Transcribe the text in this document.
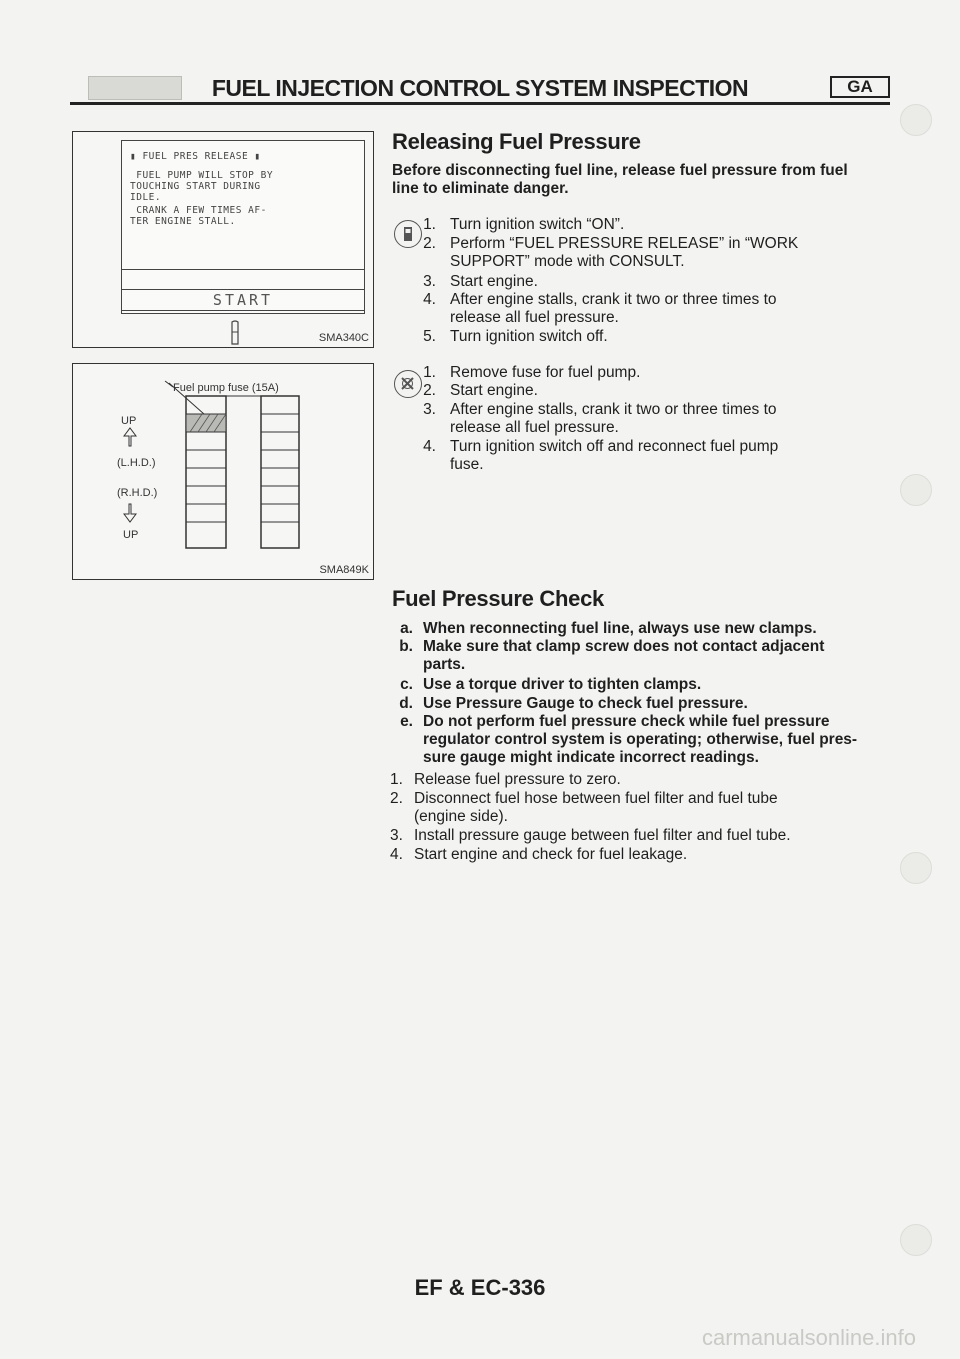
FUEL INJECTION CONTROL SYSTEM INSPECTION	GA
▮ FUEL PRES RELEASE ▮
FUEL PUMP WILL STOP BY
TOUCHING START DURING
IDLE.
CRANK A FEW TIMES AF-
TER ENGINE STALL.
START
SMA340C
Fuel pump fuse (15A)
UP
(L.H.D.)
(R.H.D.)
UP
SMA849K
Releasing Fuel Pressure
Before disconnecting fuel line, release fuel pressure from fuel
line to eliminate danger.
1. Turn ignition switch “ON”.
2. Perform “FUEL PRESSURE RELEASE” in “WORK
SUPPORT” mode with CONSULT.
3. Start engine.
4. After engine stalls, crank it two or three times to
release all fuel pressure.
5. Turn ignition switch off.
1. Remove fuse for fuel pump.
2. Start engine.
3. After engine stalls, crank it two or three times to
release all fuel pressure.
4. Turn ignition switch off and reconnect fuel pump
fuse.
Fuel Pressure Check
a. When reconnecting fuel line, always use new clamps.
b. Make sure that clamp screw does not contact adjacent
parts.
c. Use a torque driver to tighten clamps.
d. Use Pressure Gauge to check fuel pressure.
e. Do not perform fuel pressure check while fuel pressure
regulator control system is operating; otherwise, fuel pres-
sure gauge might indicate incorrect readings.
1. Release fuel pressure to zero.
2. Disconnect fuel hose between fuel filter and fuel tube
(engine side).
3. Install pressure gauge between fuel filter and fuel tube.
4. Start engine and check for fuel leakage.
EF & EC-336
carmanualsonline.info
